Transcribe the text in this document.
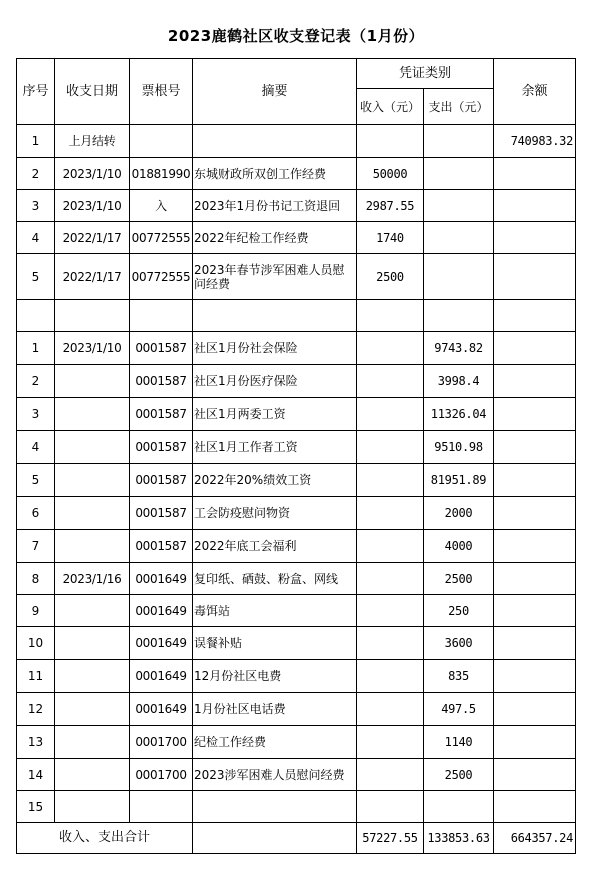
2023鹿鹤社区收支登记表（1月份）
序号	收支日期	票根号	摘要	凭证类别		余额
				收入（元）	支出（元）	
1	上月结转					740983.32
2	2023/1/10	01881990	东城财政所双创工作经费	50000		
3	2023/1/10	入	2023年1月份书记工资退回	2987.55		
4	2022/1/17	00772555	2022年纪检工作经费	1740		
5	2022/1/17	00772555	2023年春节涉军困难人员慰问经费	2500		

1	2023/1/10	0001587	社区1月份社会保险		9743.82	
2		0001587	社区1月份医疗保险		3998.4	
3		0001587	社区1月两委工资		11326.04	
4		0001587	社区1月工作者工资		9510.98	
5		0001587	2022年20%绩效工资		81951.89	
6		0001587	工会防疫慰问物资		2000	
7		0001587	2022年底工会福利		4000	
8	2023/1/16	0001649	复印纸、硒鼓、粉盒、网线		2500	
9		0001649	毒饵站		250	
10		0001649	误餐补贴		3600	
11		0001649	12月份社区电费		835	
12		0001649	1月份社区电话费		497.5	
13		0001700	纪检工作经费		1140	
14		0001700	2023涉军困难人员慰问经费		2500	
15						
收入、支出合计				57227.55	133853.63	664357.24
